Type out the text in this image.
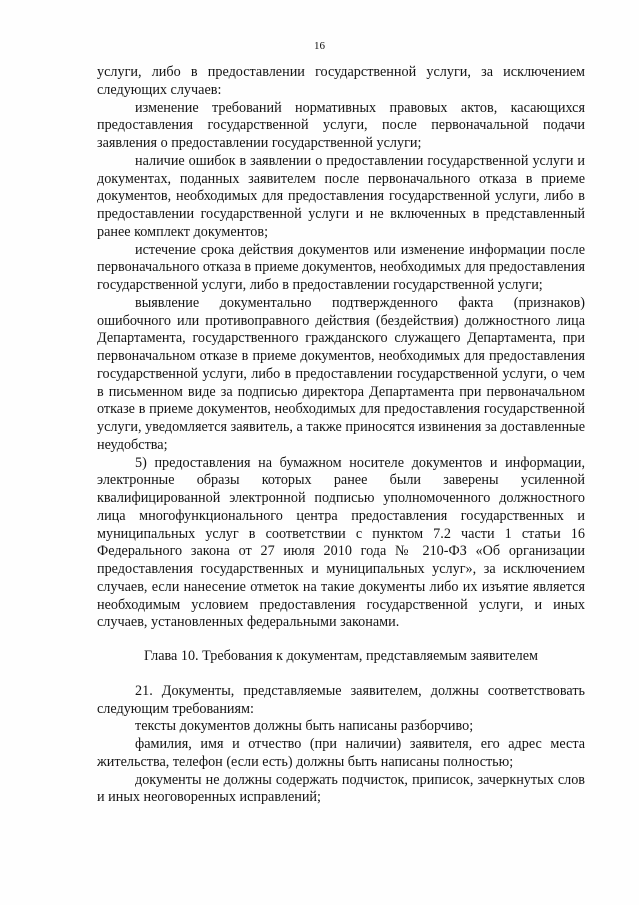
16
услуги, либо в предоставлении государственной услуги, за исключением следующих случаев:
изменение требований нормативных правовых актов, касающихся предоставления государственной услуги, после первоначальной подачи заявления о предоставлении государственной услуги;
наличие ошибок в заявлении о предоставлении государственной услуги и документах, поданных заявителем после первоначального отказа в приеме документов, необходимых для предоставления государственной услуги, либо в предоставлении государственной услуги и не включенных в представленный ранее комплект документов;
истечение срока действия документов или изменение информации после первоначального отказа в приеме документов, необходимых для предоставления государственной услуги, либо в предоставлении государственной услуги;
выявление документально подтвержденного факта (признаков) ошибочного или противоправного действия (бездействия) должностного лица Департамента, государственного гражданского служащего Департамента, при первоначальном отказе в приеме документов, необходимых для предоставления государственной услуги, либо в предоставлении государственной услуги, о чем в письменном виде за подписью директора Департамента при первоначальном отказе в приеме документов, необходимых для предоставления государственной услуги, уведомляется заявитель, а также приносятся извинения за доставленные неудобства;
5) предоставления на бумажном носителе документов и информации, электронные образы которых ранее были заверены усиленной квалифицированной электронной подписью уполномоченного должностного лица многофункционального центра предоставления государственных и муниципальных услуг в соответствии с пунктом 7.2 части 1 статьи 16 Федерального закона от 27 июля 2010 года № 210-ФЗ «Об организации предоставления государственных и муниципальных услуг», за исключением случаев, если нанесение отметок на такие документы либо их изъятие является необходимым условием предоставления государственной услуги, и иных случаев, установленных федеральными законами.
Глава 10. Требования к документам, представляемым заявителем
21. Документы, представляемые заявителем, должны соответствовать следующим требованиям:
тексты документов должны быть написаны разборчиво;
фамилия, имя и отчество (при наличии) заявителя, его адрес места жительства, телефон (если есть) должны быть написаны полностью;
документы не должны содержать подчисток, приписок, зачеркнутых слов и иных неоговоренных исправлений;
